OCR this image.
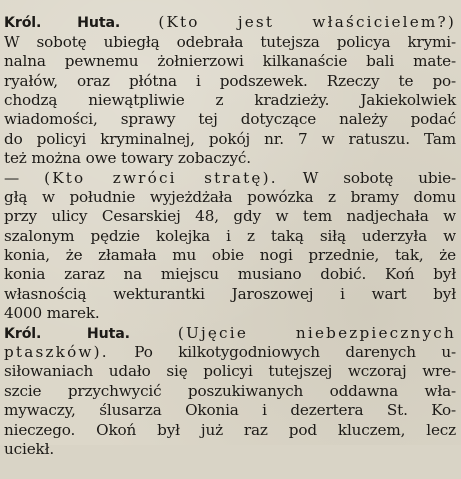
Król. Huta. (Kto jest właścicielem?)
W sobotę ubiegłą odebrała tutejsza policya krymi-
nalna pewnemu żołnierzowi kilkanaście bali mate-
ryałów, oraz płótna i podszewek. Rzeczy te po-
chodzą niewątpliwie z kradzieży. Jakiekolwiek
wiadomości, sprawy tej dotyczące należy podać
do policyi kryminalnej, pokój nr. 7 w ratuszu. Tam
też można owe towary zobaczyć.
— (Kto zwróci stratę). W sobotę ubie-
głą w południe wyjeżdżała powózka z bramy domu
przy ulicy Cesarskiej 48, gdy w tem nadjechała w
szalonym pędzie kolejka i z taką siłą uderzyła w
konia, że złamała mu obie nogi przednie, tak, że
konia zaraz na miejscu musiano dobić. Koń był
własnością wekturantki Jaroszowej i wart był
4000 marek.
Król. Huta. (Ujęcie niebezpiecznych
ptaszków). Po kilkotygodniowych darenych u-
siłowaniach udało się policyi tutejszej wczoraj wre-
szcie przychwycić poszukiwanych oddawna wła-
mywaczy, ślusarza Okonia i dezertera St. Ko-
nieczego. Okoń był już raz pod kluczem, lecz
uciekł.
